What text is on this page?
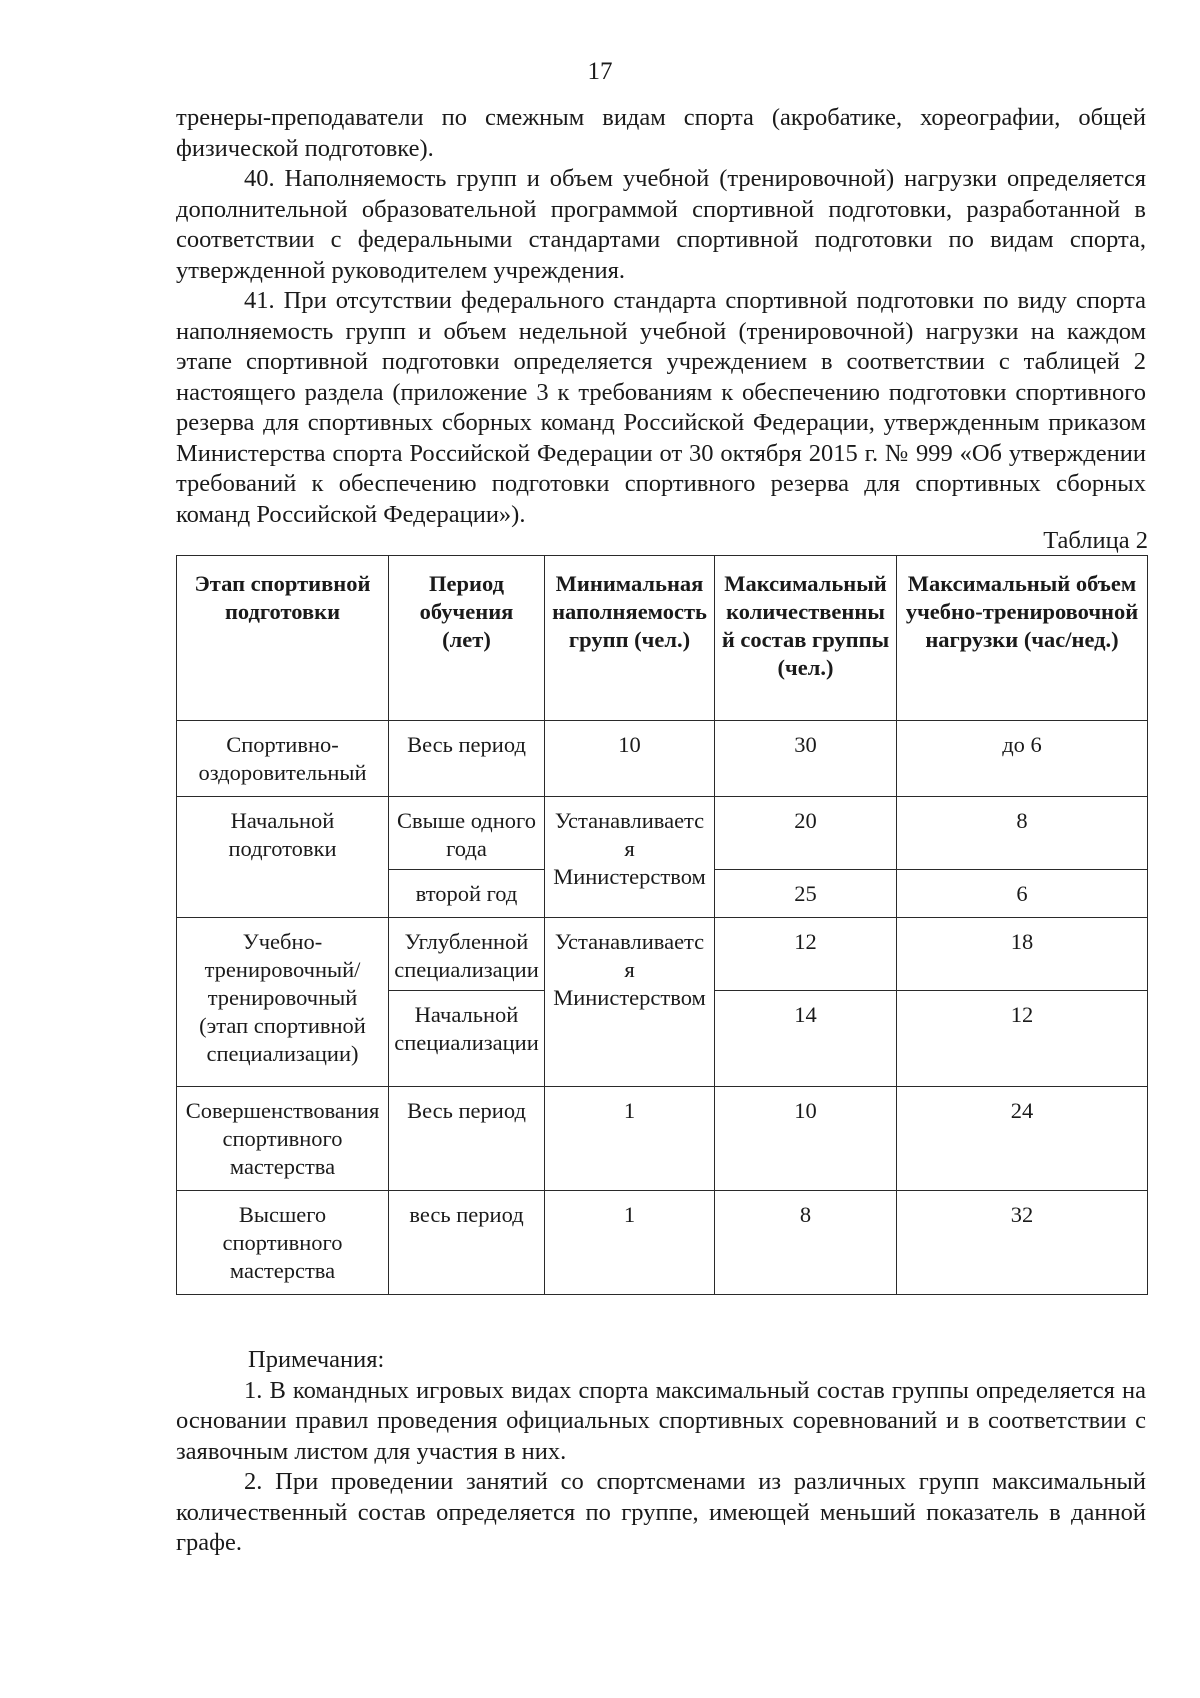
17

тренеры-преподаватели по смежным видам спорта (акробатике, хореографии, общей физической подготовке).

40. Наполняемость групп и объем учебной (тренировочной) нагрузки определяется дополнительной образовательной программой спортивной подготовки, разработанной в соответствии с федеральными стандартами спортивной подготовки по видам спорта, утвержденной руководителем учреждения.

41. При отсутствии федерального стандарта спортивной подготовки по виду спорта наполняемость групп и объем недельной учебной (тренировочной) нагрузки на каждом этапе спортивной подготовки определяется учреждением в соответствии с таблицей 2 настоящего раздела (приложение 3 к требованиям к обеспечению подготовки спортивного резерва для спортивных сборных команд Российской Федерации, утвержденным приказом Министерства спорта Российской Федерации от 30 октября 2015 г. № 999 «Об утверждении требований к обеспечению подготовки спортивного резерва для спортивных сборных команд Российской Федерации»).

Таблица 2
Этап спортивной подготовки	Период обучения (лет)	Минимальная наполняемость групп (чел.)	Максимальный количественны й состав группы (чел.)	Максимальный объем учебно-тренировочной нагрузки (час/нед.)
Спортивно-оздоровительный	Весь период	10	30	до 6
Начальной подготовки	Свыше одного года	Устанавливаетс я Министерством	20	8
	второй год		25	6
Учебно-тренировочный/ тренировочный (этап спортивной специализации)	Углубленной специализации	Устанавливаетс я Министерством	12	18
	Начальной специализации		14	12
Совершенствования спортивного мастерства	Весь период	1	10	24
Высшего спортивного мастерства	весь период	1	8	32

Примечания:

1. В командных игровых видах спорта максимальный состав группы определяется на основании правил проведения официальных спортивных соревнований и в соответствии с заявочным листом для участия в них.

2. При проведении занятий со спортсменами из различных групп максимальный количественный состав определяется по группе, имеющей меньший показатель в данной графе.
